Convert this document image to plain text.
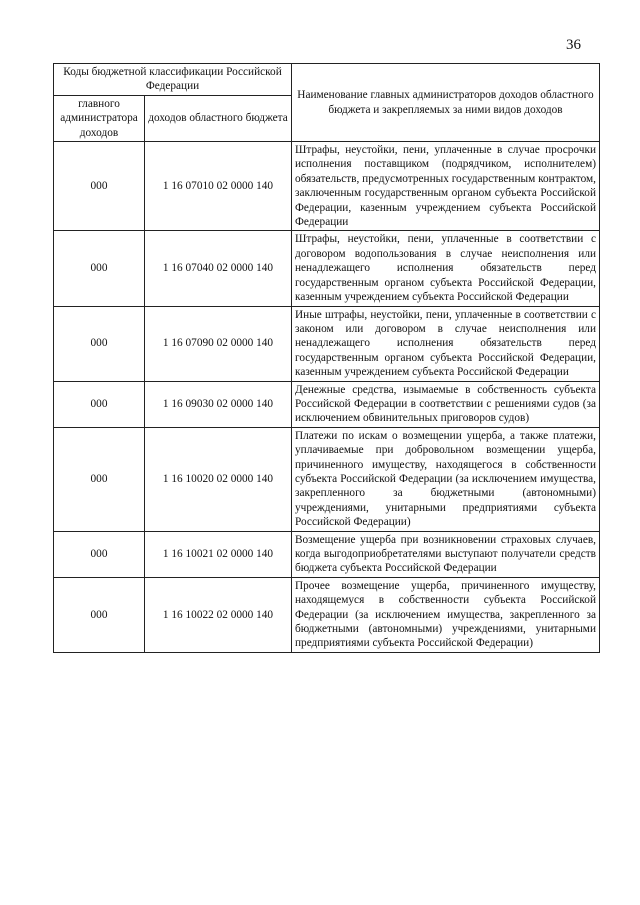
36
Коды бюджетной классификации Российской Федерации		Наименование главных администраторов доходов областного бюджета и закрепляемых за ними видов доходов
главного администратора доходов	доходов областного бюджета	
000	1 16 07010 02 0000 140	Штрафы, неустойки, пени, уплаченные в случае просрочки исполнения поставщиком (подрядчиком, исполнителем) обязательств, предусмотренных государственным контрактом, заключенным государственным органом субъекта Российской Федерации, казенным учреждением субъекта Российской Федерации
000	1 16 07040 02 0000 140	Штрафы, неустойки, пени, уплаченные в соответствии с договором водопользования в случае неисполнения или ненадлежащего исполнения обязательств перед государственным органом субъекта Российской Федерации, казенным учреждением субъекта Российской Федерации
000	1 16 07090 02 0000 140	Иные штрафы, неустойки, пени, уплаченные в соответствии с законом или договором в случае неисполнения или ненадлежащего исполнения обязательств перед государственным органом субъекта Российской Федерации, казенным учреждением субъекта Российской Федерации
000	1 16 09030 02 0000 140	Денежные средства, изымаемые в собственность субъекта Российской Федерации в соответствии с решениями судов (за исключением обвинительных приговоров судов)
000	1 16 10020 02 0000 140	Платежи по искам о возмещении ущерба, а также платежи, уплачиваемые при добровольном возмещении ущерба, причиненного имуществу, находящегося в собственности субъекта Российской Федерации (за исключением имущества, закрепленного за бюджетными (автономными) учреждениями, унитарными предприятиями субъекта Российской Федерации)
000	1 16 10021 02 0000 140	Возмещение ущерба при возникновении страховых случаев, когда выгодоприобретателями выступают получатели средств бюджета субъекта Российской Федерации
000	1 16 10022 02 0000 140	Прочее возмещение ущерба, причиненного имуществу, находящемуся в собственности субъекта Российской Федерации (за исключением имущества, закрепленного за бюджетными (автономными) учреждениями, унитарными предприятиями субъекта Российской Федерации)
